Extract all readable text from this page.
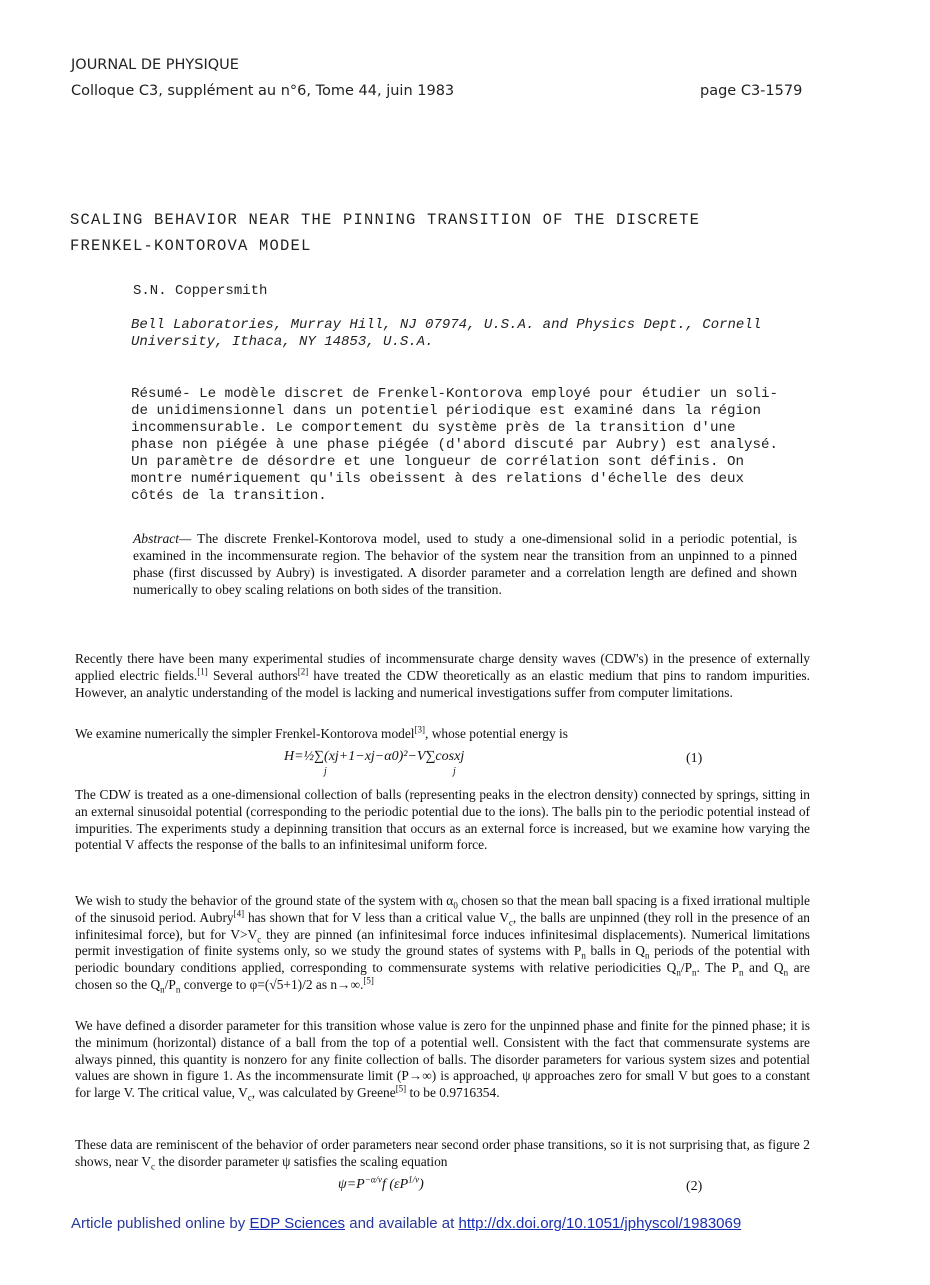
JOURNAL DE PHYSIQUE
Colloque C3, supplément au n°6, Tome 44, juin 1983	page C3-1579
SCALING BEHAVIOR NEAR THE PINNING TRANSITION OF THE DISCRETE
FRENKEL-KONTOROVA MODEL
S.N. Coppersmith
Bell Laboratories, Murray Hill, NJ 07974, U.S.A. and Physics Dept., Cornell
University, Ithaca, NY 14853, U.S.A.
Résumé- Le modèle discret de Frenkel-Kontorova employé pour étudier un soli-
de unidimensionnel dans un potentiel périodique est examiné dans la région
incommensurable. Le comportement du système près de la transition d'une
phase non piégée à une phase piégée (d'abord discuté par Aubry) est analysé.
Un paramètre de désordre et une longueur de corrélation sont définis. On
montre numériquement qu'ils obeissent à des relations d'échelle des deux
côtés de la transition.
Abstract— The discrete Frenkel-Kontorova model, used to study a one-dimensional solid in a periodic potential, is examined in the incommensurate region. The behavior of the system near the transition from an unpinned to a pinned phase (first discussed by Aubry) is investigated. A disorder parameter and a correlation length are defined and shown numerically to obey scaling relations on both sides of the transition.
Recently there have been many experimental studies of incommensurate charge density waves (CDW's) in the presence of externally applied electric fields.[1] Several authors[2] have treated the CDW theoretically as an elastic medium that pins to random impurities. However, an analytic understanding of the model is lacking and numerical investigations suffer from computer limitations.
We examine numerically the simpler Frenkel-Kontorova model[3], whose potential energy is
H=½∑(xj+1−xj−α0)²−V∑cosxj
j	j
(1)
The CDW is treated as a one-dimensional collection of balls (representing peaks in the electron density) connected by springs, sitting in an external sinusoidal potential (corresponding to the periodic potential due to the ions). The balls pin to the periodic potential instead of impurities. The experiments study a depinning transition that occurs as an external force is increased, but we examine how varying the potential V affects the response of the balls to an infinitesimal uniform force.
We wish to study the behavior of the ground state of the system with $\alpha_0$ chosen so that the mean ball spacing is a fixed irrational multiple of the sinusoid period. Aubry[4] has shown that for V less than a critical value $V_c$, the balls are unpinned (they roll in the presence of an infinitesimal force), but for $V>V_c$ they are pinned (an infinitesimal force induces infinitesimal displacements). Numerical limitations permit investigation of finite systems only, so we study the ground states of systems with $P_n$ balls in $Q_n$ periods of the potential with periodic boundary conditions applied, corresponding to commensurate systems with relative periodicities $Q_n/P_n$. The $P_n$ and $Q_n$ are chosen so the $Q_n/P_n$ converge to φ=(√5+1)/2 as n→∞.[5]
We have defined a disorder parameter for this transition whose value is zero for the unpinned phase and finite for the pinned phase; it is the minimum (horizontal) distance of a ball from the top of a potential well. Consistent with the fact that commensurate systems are always pinned, this quantity is nonzero for any finite collection of balls. The disorder parameters for various system sizes and potential values are shown in figure 1. As the incommensurate limit (P→∞) is approached, ψ approaches zero for small V but goes to a constant for large V. The critical value, $V_c$, was calculated by Greene[5] to be 0.9716354.
These data are reminiscent of the behavior of order parameters near second order phase transitions, so it is not surprising that, as figure 2 shows, near $V_c$ the disorder parameter ψ satisfies the scaling equation
$\psi=P^{-\alpha/\nu}f$ $(\varepsilon P^{1/\nu})$	(2)
Article published online by EDP Sciences and available at http://dx.doi.org/10.1051/jphyscol/1983069
